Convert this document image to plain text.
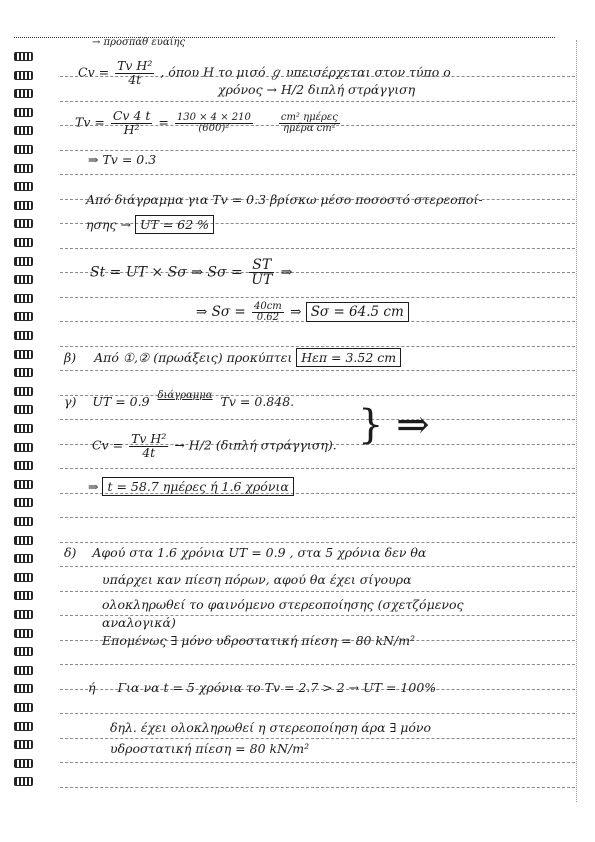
→ προσπάθ ευαίης
$Cv = \frac{\text{Tv H²}}{4t}$ , όπου H το μισό ℊ υπεισέρχεται στον τύπο ο
χρόνος → H/2 διπλή στράγγιση
$Tv = \frac{Cv 4 t}{\text{H²}} = \frac{130 \times 4 \times 210}{\text{(600)²}}$
	$\frac{\text{cm² ημέρες}}{\text{ημέρα cm²}}$
⇒ Tv = 0.3
Από διάγραμμα για Tv = 0.3 βρίσκω μέσο ποσοστό στερεοποί-
ησης → UT = 62 %
St = UT × Sσ ⇒ $S\sigma = \frac{ST}{UT}$ ⇒
⇒ $S\sigma = \frac{40cm}{0.62}$ ⇒ Sσ = 64.5 cm
β) Από ①,② (πρωάξεις) προκύπτει Hεπ = 3.52 cm
γ) UT = 0.9 διάγραμμα Tv = 0.848.
$Cv = \frac{\text{Tv H²}}{4t} \to H/2$ (διπλή στράγγιση). } ⇒
⇒ t = 58.7 ημέρες ή 1.6 χρόνια
δ) Αφού στα 1.6 χρόνια UT = 0.9 , στα 5 χρόνια δεν θα
υπάρχει καν πίεση πόρων, αφού θα έχει σίγουρα
ολοκληρωθεί το φαινόμενο στερεοποίησης (σχετζόμενος
αναλογικά)
Επομένως ∃ μόνο υδροστατική πίεση = 80 kN/m²
ή Για να t = 5 χρόνια το Tv = 2.7 > 2 → UT = 100%
δηλ. έχει ολοκληρωθεί η στερεοποίηση άρα ∃ μόνο
υδροστατική πίεση = 80 kN/m²
